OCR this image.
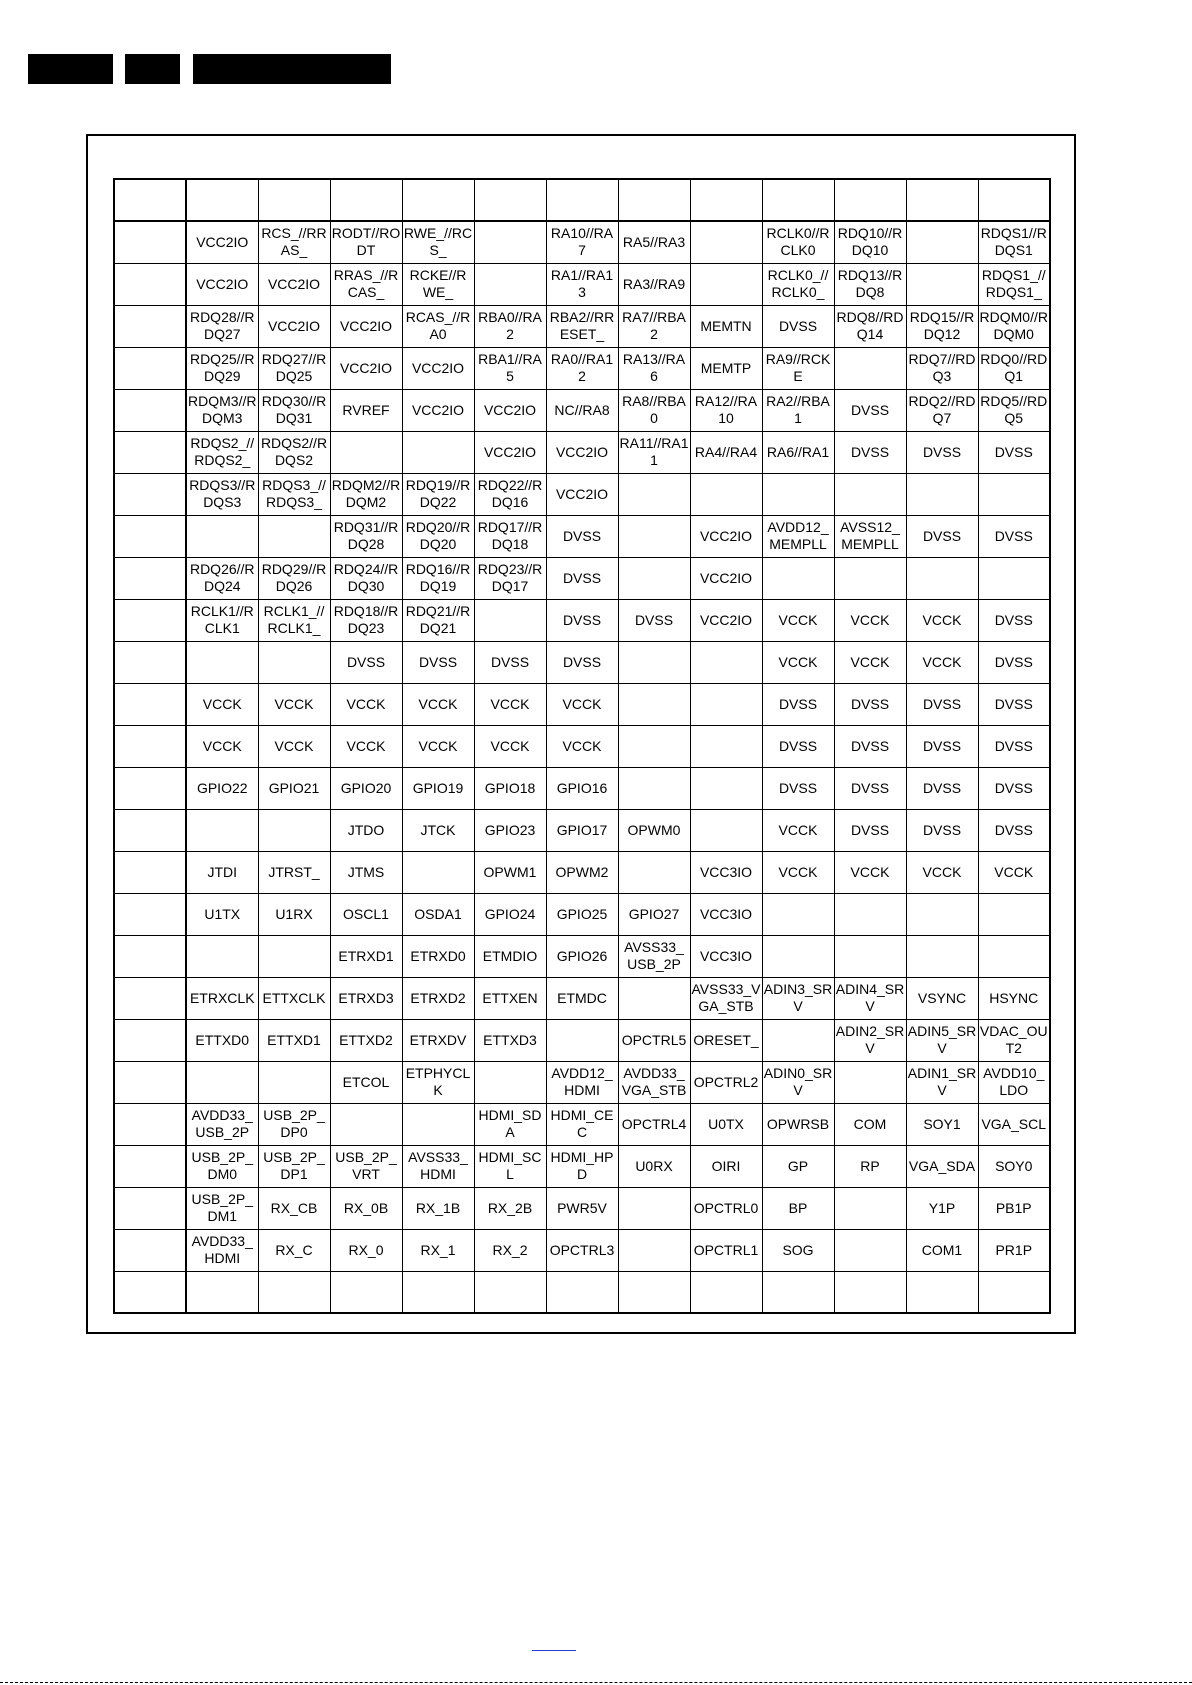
	VCC2IO	RCS_//RRAS_	RODT//RODT	RWE_//RCS_		RA10//RA7	RA5//RA3		RCLK0//RCLK0	RDQ10//RDQ10		RDQS1//RDQS1
	VCC2IO	VCC2IO	RRAS_//RCAS_	RCKE//RWE_		RA1//RA13	RA3//RA9		RCLK0_//RCLK0_	RDQ13//RDQ8		RDQS1_//RDQS1_
	RDQ28//RDQ27	VCC2IO	VCC2IO	RCAS_//RA0	RBA0//RA2	RBA2//RRESET_	RA7//RBA2	MEMTN	DVSS	RDQ8//RDQ14	RDQ15//RDQ12	RDQM0//RDQM0
	RDQ25//RDQ29	RDQ27//RDQ25	VCC2IO	VCC2IO	RBA1//RA5	RA0//RA12	RA13//RA6	MEMTP	RA9//RCKE		RDQ7//RDQ3	RDQ0//RDQ1
	RDQM3//RDQM3	RDQ30//RDQ31	RVREF	VCC2IO	VCC2IO	NC//RA8	RA8//RBA0	RA12//RA10	RA2//RBA1	DVSS	RDQ2//RDQ7	RDQ5//RDQ5
	RDQS2_//RDQS2_	RDQS2//RDQS2			VCC2IO	VCC2IO	RA11//RA11	RA4//RA4	RA6//RA1	DVSS	DVSS	DVSS
	RDQS3//RDQS3	RDQS3_//RDQS3_	RDQM2//RDQM2	RDQ19//RDQ22	RDQ22//RDQ16	VCC2IO						
			RDQ31//RDQ28	RDQ20//RDQ20	RDQ17//RDQ18	DVSS		VCC2IO	AVDD12_MEMPLL	AVSS12_MEMPLL	DVSS	DVSS
	RDQ26//RDQ24	RDQ29//RDQ26	RDQ24//RDQ30	RDQ16//RDQ19	RDQ23//RDQ17	DVSS		VCC2IO				
	RCLK1//RCLK1	RCLK1_//RCLK1_	RDQ18//RDQ23	RDQ21//RDQ21		DVSS	DVSS	VCC2IO	VCCK	VCCK	VCCK	DVSS
			DVSS	DVSS	DVSS	DVSS			VCCK	VCCK	VCCK	DVSS
	VCCK	VCCK	VCCK	VCCK	VCCK	VCCK			DVSS	DVSS	DVSS	DVSS
	VCCK	VCCK	VCCK	VCCK	VCCK	VCCK			DVSS	DVSS	DVSS	DVSS
	GPIO22	GPIO21	GPIO20	GPIO19	GPIO18	GPIO16			DVSS	DVSS	DVSS	DVSS
			JTDO	JTCK	GPIO23	GPIO17	OPWM0		VCCK	DVSS	DVSS	DVSS
	JTDI	JTRST_	JTMS		OPWM1	OPWM2		VCC3IO	VCCK	VCCK	VCCK	VCCK
	U1TX	U1RX	OSCL1	OSDA1	GPIO24	GPIO25	GPIO27	VCC3IO				
			ETRXD1	ETRXD0	ETMDIO	GPIO26	AVSS33_USB_2P	VCC3IO				
	ETRXCLK	ETTXCLK	ETRXD3	ETRXD2	ETTXEN	ETMDC		AVSS33_VGA_STB	ADIN3_SRV	ADIN4_SRV	VSYNC	HSYNC
	ETTXD0	ETTXD1	ETTXD2	ETRXDV	ETTXD3		OPCTRL5	ORESET_		ADIN2_SRV	ADIN5_SRV	VDAC_OUT2
			ETCOL	ETPHYCLK		AVDD12_HDMI	AVDD33_VGA_STB	OPCTRL2	ADIN0_SRV		ADIN1_SRV	AVDD10_LDO
	AVDD33_USB_2P	USB_2P_DP0			HDMI_SDA	HDMI_CEC	OPCTRL4	U0TX	OPWRSB	COM	SOY1	VGA_SCL
	USB_2P_DM0	USB_2P_DP1	USB_2P_VRT	AVSS33_HDMI	HDMI_SCL	HDMI_HPD	U0RX	OIRI	GP	RP	VGA_SDA	SOY0
	USB_2P_DM1	RX_CB	RX_0B	RX_1B	RX_2B	PWR5V		OPCTRL0	BP		Y1P	PB1P
	AVDD33_HDMI	RX_C	RX_0	RX_1	RX_2	OPCTRL3		OPCTRL1	SOG		COM1	PR1P
